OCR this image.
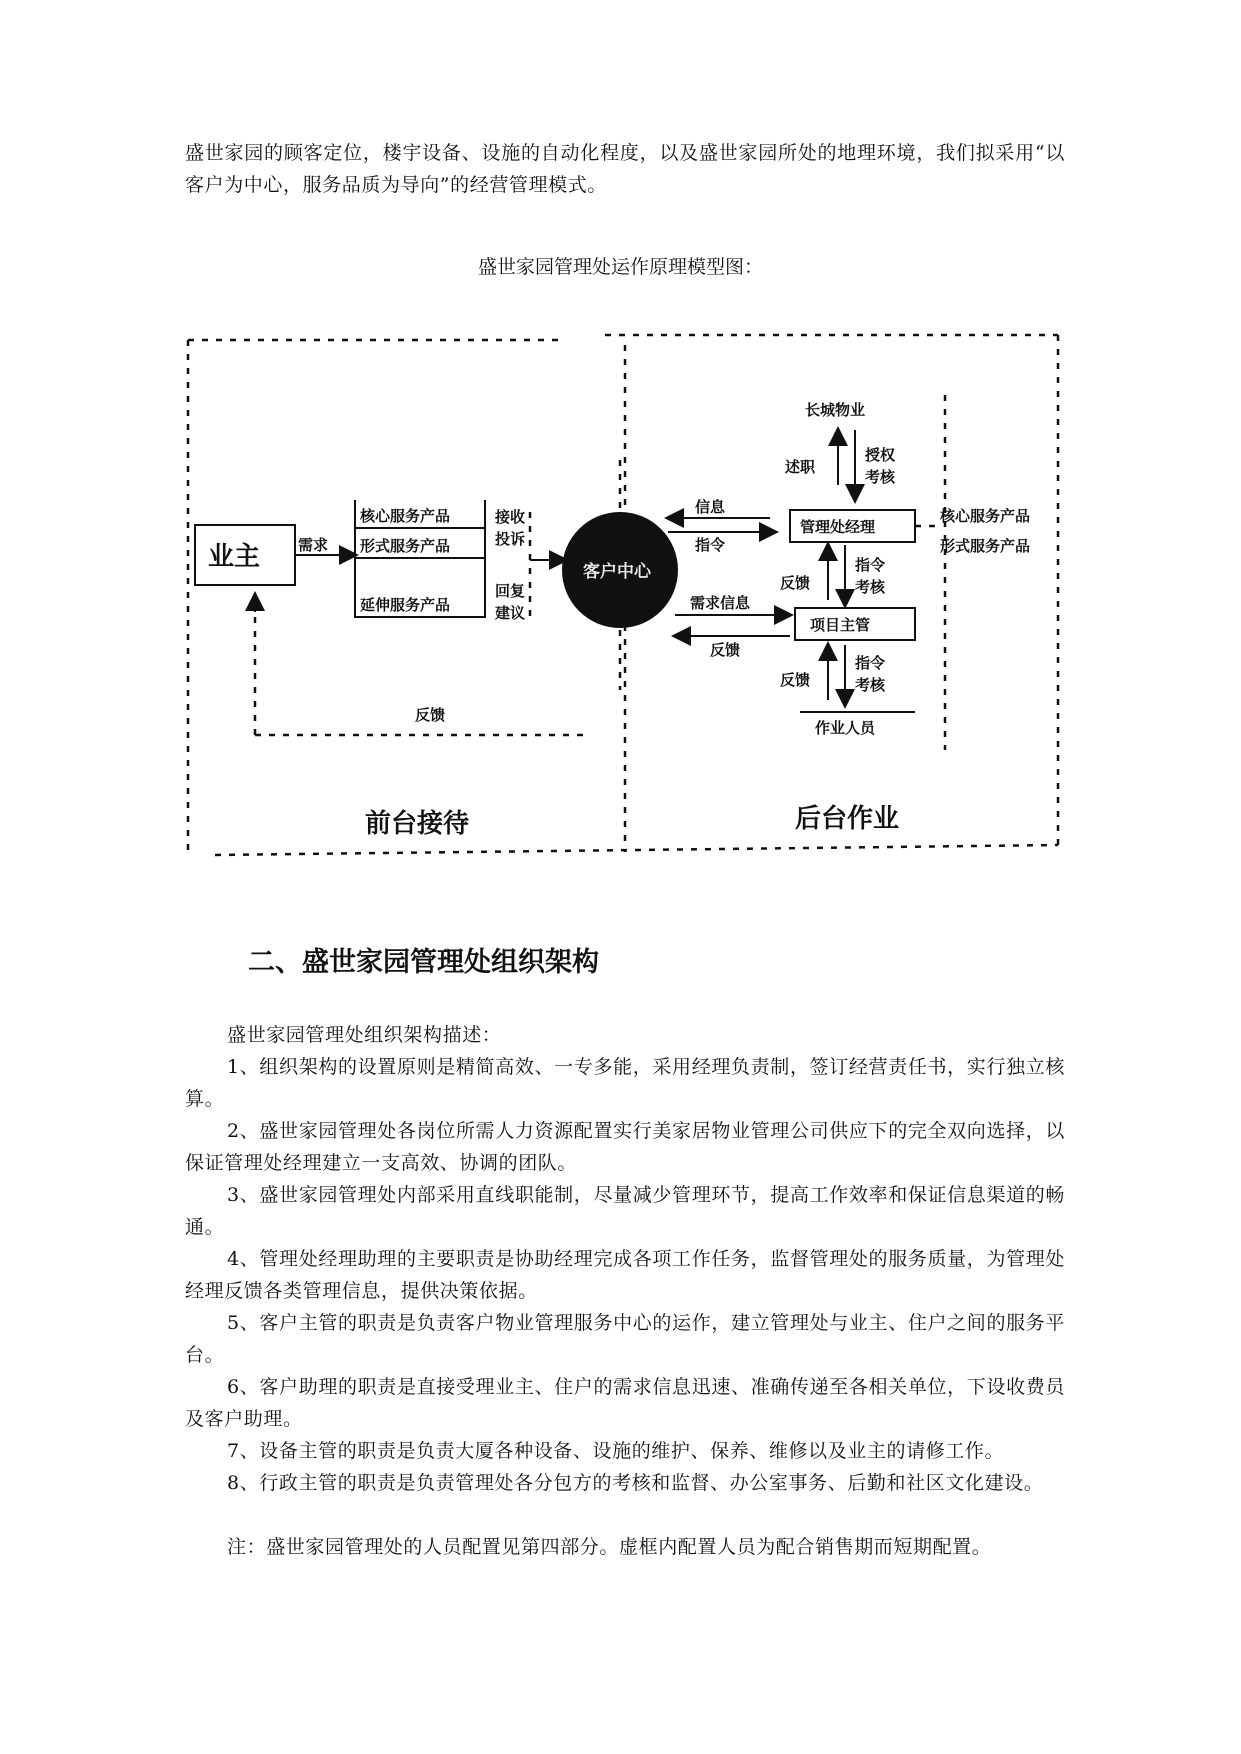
盛世家园的顾客定位，楼宇设备、设施的自动化程度，以及盛世家园所处的地理环境，我们拟采用“以客户为中心，服务品质为导向”的经营管理模式。

盛世家园管理处运作原理模型图：

业主	需求
核心服务产品
形式服务产品
延伸服务产品
接收
投诉
回复
建议
客户中心
信息
指令
需求信息
反馈
长城物业
述职
授权
考核
管理处经理
核心服务产品
形式服务产品
反馈
指令
考核
项目主管
反馈
指令
考核
作业人员
反馈
前台接待	后台作业
二、盛世家园管理处组织架构

盛世家园管理处组织架构描述：

1、组织架构的设置原则是精简高效、一专多能，采用经理负责制，签订经营责任书，实行独立核算。

2、盛世家园管理处各岗位所需人力资源配置实行美家居物业管理公司供应下的完全双向选择，以保证管理处经理建立一支高效、协调的团队。

3、盛世家园管理处内部采用直线职能制，尽量减少管理环节，提高工作效率和保证信息渠道的畅通。

4、管理处经理助理的主要职责是协助经理完成各项工作任务，监督管理处的服务质量，为管理处经理反馈各类管理信息，提供决策依据。

5、客户主管的职责是负责客户物业管理服务中心的运作，建立管理处与业主、住户之间的服务平台。

6、客户助理的职责是直接受理业主、住户的需求信息迅速、准确传递至各相关单位，下设收费员及客户助理。

7、设备主管的职责是负责大厦各种设备、设施的维护、保养、维修以及业主的请修工作。

8、行政主管的职责是负责管理处各分包方的考核和监督、办公室事务、后勤和社区文化建设。

注：盛世家园管理处的人员配置见第四部分。虚框内配置人员为配合销售期而短期配置。
